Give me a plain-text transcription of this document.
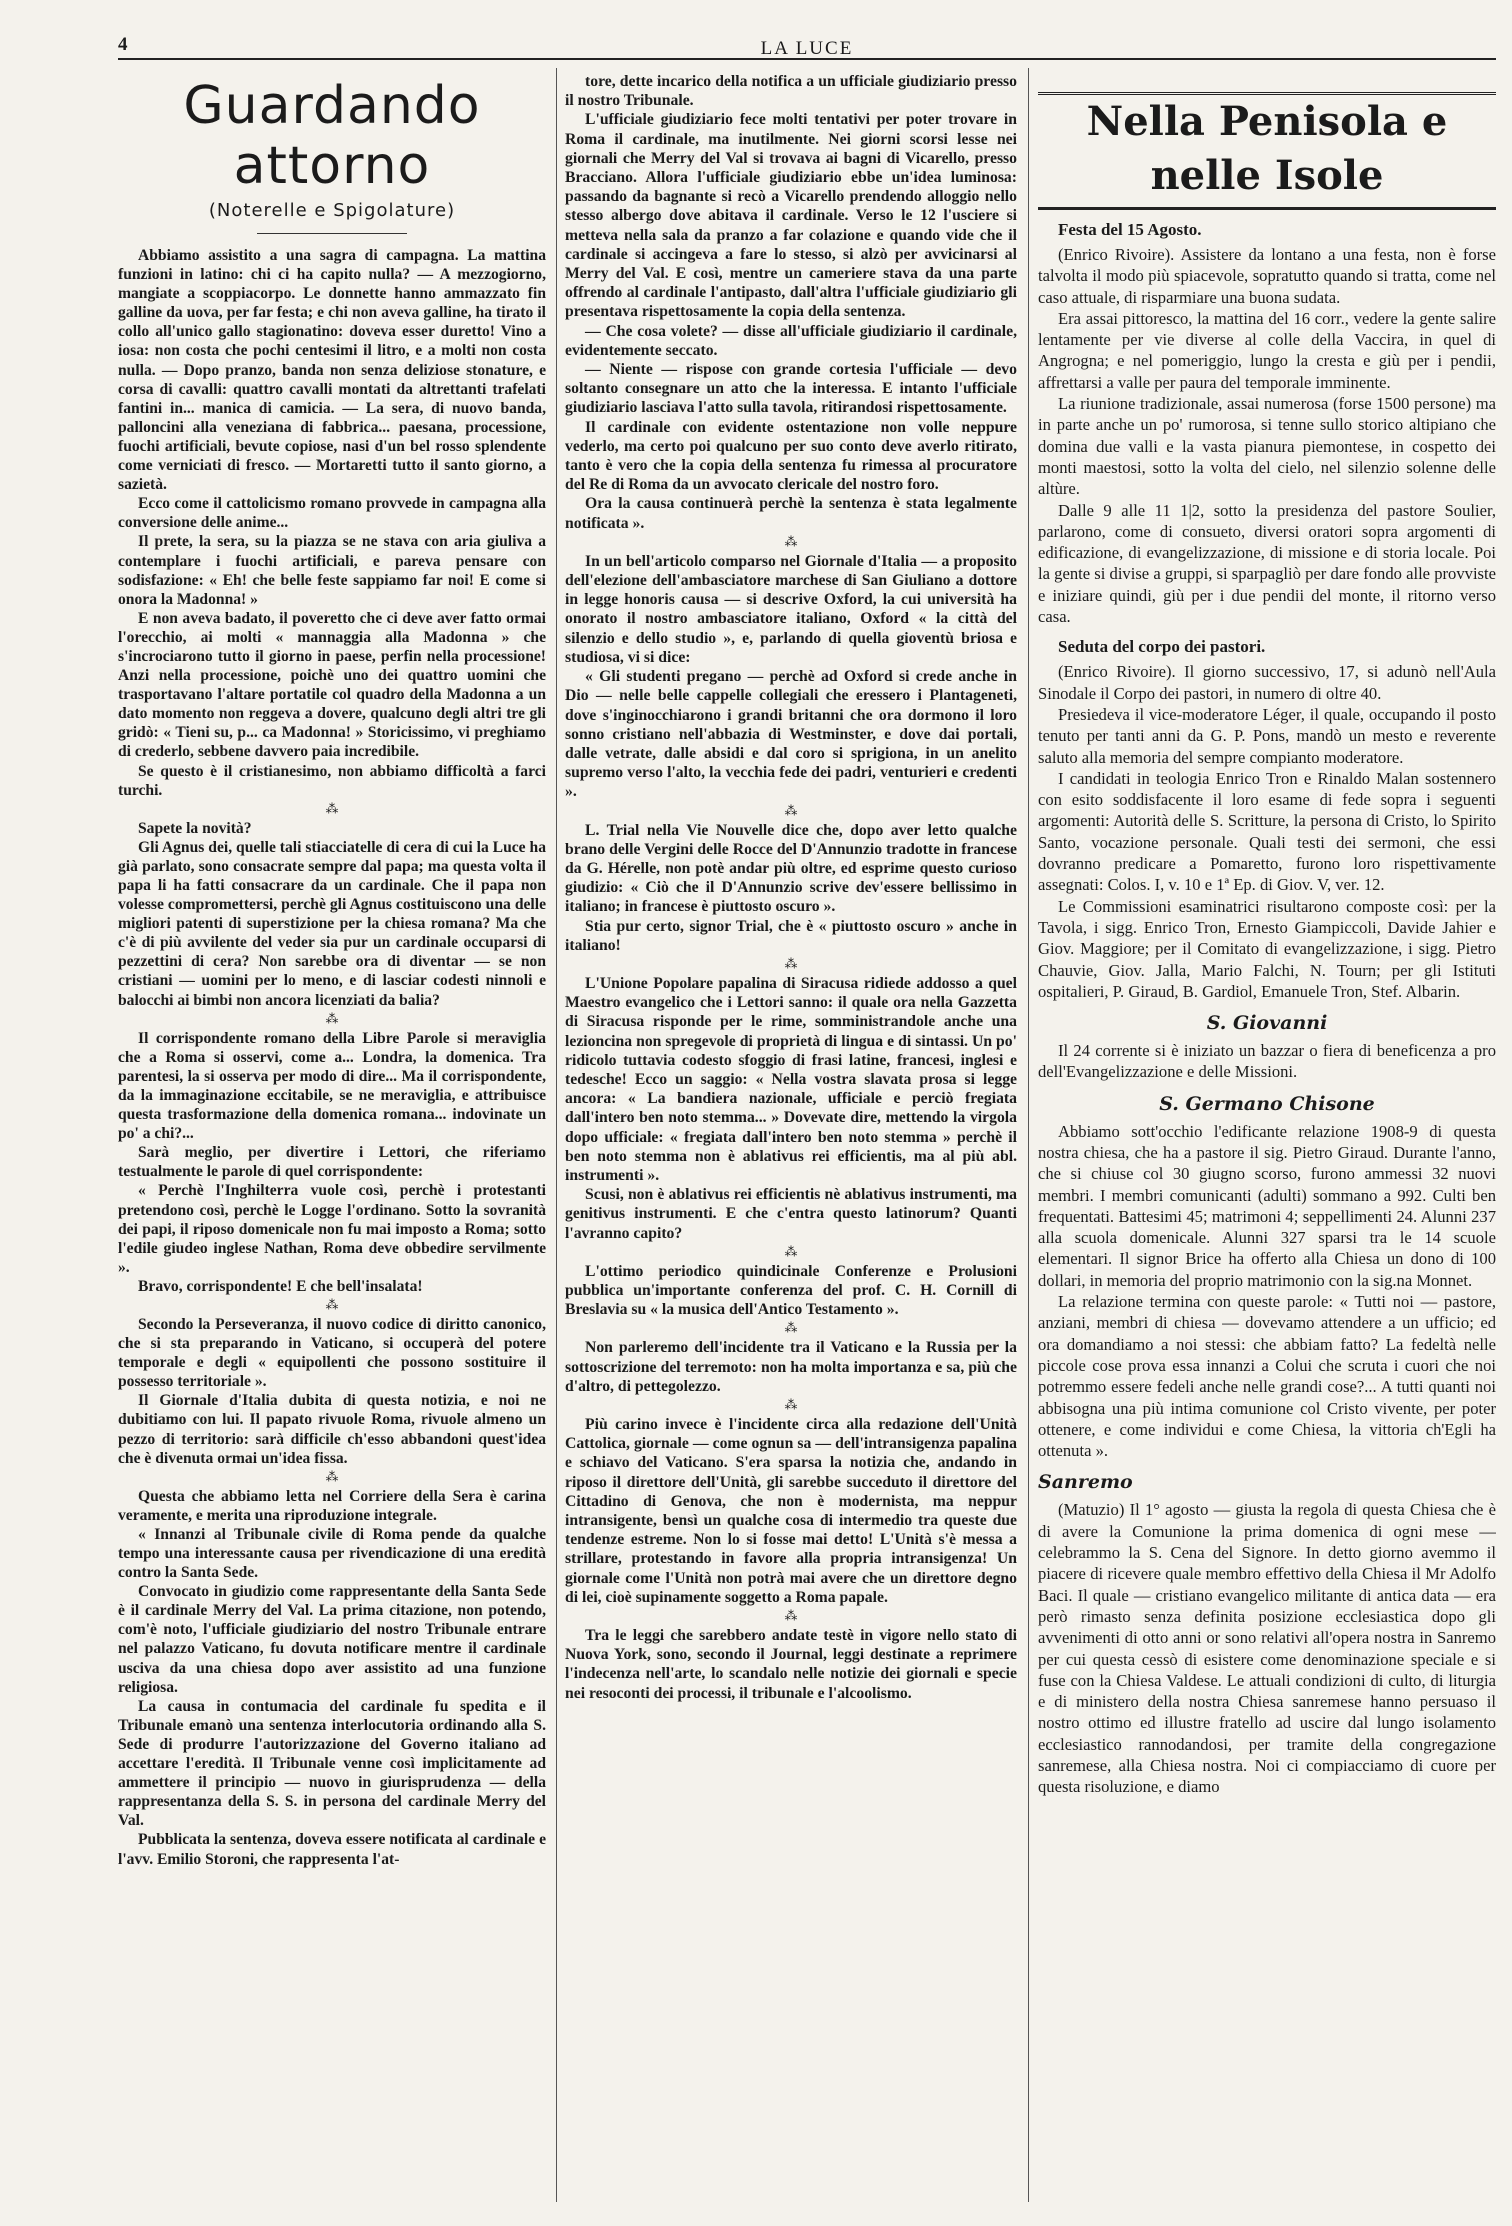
4	LA LUCE
Guardando attorno
(Noterelle e Spigolature)

Abbiamo assistito a una sagra di campagna. La mattina funzioni in latino: chi ci ha capito nulla? — A mezzogiorno, mangiate a scoppiacorpo. Le donnette hanno ammazzato fin galline da uova, per far festa; e chi non aveva galline, ha tirato il collo all'unico gallo stagionatino: doveva esser duretto! Vino a iosa: non costa che pochi centesimi il litro, e a molti non costa nulla. — Dopo pranzo, banda non senza deliziose stonature, e corsa di cavalli: quattro cavalli montati da altrettanti trafelati fantini in... manica di camicia. — La sera, di nuovo banda, palloncini alla veneziana di fabbrica... paesana, processione, fuochi artificiali, bevute copiose, nasi d'un bel rosso splendente come verniciati di fresco. — Mortaretti tutto il santo giorno, a sazietà.

Ecco come il cattolicismo romano provvede in campagna alla conversione delle anime...

Il prete, la sera, su la piazza se ne stava con aria giuliva a contemplare i fuochi artificiali, e pareva pensare con sodisfazione: « Eh! che belle feste sappiamo far noi! E come si onora la Madonna! »

E non aveva badato, il poveretto che ci deve aver fatto ormai l'orecchio, ai molti « mannaggia alla Madonna » che s'incrociarono tutto il giorno in paese, perfin nella processione! Anzi nella processione, poichè uno dei quattro uomini che trasportavano l'altare portatile col quadro della Madonna a un dato momento non reggeva a dovere, qualcuno degli altri tre gli gridò: « Tieni su, p... ca Madonna! » Storicissimo, vi preghiamo di crederlo, sebbene davvero paia incredibile.

Se questo è il cristianesimo, non abbiamo difficoltà a farci turchi.

⁂

Sapete la novità?

Gli Agnus dei, quelle tali stiacciatelle di cera di cui la Luce ha già parlato, sono consacrate sempre dal papa; ma questa volta il papa li ha fatti consacrare da un cardinale. Che il papa non volesse compromettersi, perchè gli Agnus costituiscono una delle migliori patenti di superstizione per la chiesa romana? Ma che c'è di più avvilente del veder sia pur un cardinale occuparsi di pezzettini di cera? Non sarebbe ora di diventar — se non cristiani — uomini per lo meno, e di lasciar codesti ninnoli e balocchi ai bimbi non ancora licenziati da balia?

⁂

Il corrispondente romano della Libre Parole si meraviglia che a Roma si osservi, come a... Londra, la domenica. Tra parentesi, la si osserva per modo di dire... Ma il corrispondente, da la immaginazione eccitabile, se ne meraviglia, e attribuisce questa trasformazione della domenica romana... indovinate un po' a chi?...

Sarà meglio, per divertire i Lettori, che riferiamo testualmente le parole di quel corrispondente:

« Perchè l'Inghilterra vuole così, perchè i protestanti pretendono così, perchè le Logge l'ordinano. Sotto la sovranità dei papi, il riposo domenicale non fu mai imposto a Roma; sotto l'edile giudeo inglese Nathan, Roma deve obbedire servilmente ».

Bravo, corrispondente! E che bell'insalata!

⁂

Secondo la Perseveranza, il nuovo codice di diritto canonico, che si sta preparando in Vaticano, si occuperà del potere temporale e degli « equipollenti che possono sostituire il possesso territoriale ».

Il Giornale d'Italia dubita di questa notizia, e noi ne dubitiamo con lui. Il papato rivuole Roma, rivuole almeno un pezzo di territorio: sarà difficile ch'esso abbandoni quest'idea che è divenuta ormai un'idea fissa.

⁂

Questa che abbiamo letta nel Corriere della Sera è carina veramente, e merita una riproduzione integrale.

« Innanzi al Tribunale civile di Roma pende da qualche tempo una interessante causa per rivendicazione di una eredità contro la Santa Sede.

Convocato in giudizio come rappresentante della Santa Sede è il cardinale Merry del Val. La prima citazione, non potendo, com'è noto, l'ufficiale giudiziario del nostro Tribunale entrare nel palazzo Vaticano, fu dovuta notificare mentre il cardinale usciva da una chiesa dopo aver assistito ad una funzione religiosa.

La causa in contumacia del cardinale fu spedita e il Tribunale emanò una sentenza interlocutoria ordinando alla S. Sede di produrre l'autorizzazione del Governo italiano ad accettare l'eredità. Il Tribunale venne così implicitamente ad ammettere il principio — nuovo in giurisprudenza — della rappresentanza della S. S. in persona del cardinale Merry del Val.

Pubblicata la sentenza, doveva essere notificata al cardinale e l'avv. Emilio Storoni, che rappresenta l'at-

tore, dette incarico della notifica a un ufficiale giudiziario presso il nostro Tribunale.

L'ufficiale giudiziario fece molti tentativi per poter trovare in Roma il cardinale, ma inutilmente. Nei giorni scorsi lesse nei giornali che Merry del Val si trovava ai bagni di Vicarello, presso Bracciano. Allora l'ufficiale giudiziario ebbe un'idea luminosa: passando da bagnante si recò a Vicarello prendendo alloggio nello stesso albergo dove abitava il cardinale. Verso le 12 l'usciere si metteva nella sala da pranzo a far colazione e quando vide che il cardinale si accingeva a fare lo stesso, si alzò per avvicinarsi al Merry del Val. E così, mentre un cameriere stava da una parte offrendo al cardinale l'antipasto, dall'altra l'ufficiale giudiziario gli presentava rispettosamente la copia della sentenza.

— Che cosa volete? — disse all'ufficiale giudiziario il cardinale, evidentemente seccato.

— Niente — rispose con grande cortesia l'ufficiale — devo soltanto consegnare un atto che la interessa. E intanto l'ufficiale giudiziario lasciava l'atto sulla tavola, ritirandosi rispettosamente.

Il cardinale con evidente ostentazione non volle neppure vederlo, ma certo poi qualcuno per suo conto deve averlo ritirato, tanto è vero che la copia della sentenza fu rimessa al procuratore del Re di Roma da un avvocato clericale del nostro foro.

Ora la causa continuerà perchè la sentenza è stata legalmente notificata ».

⁂

In un bell'articolo comparso nel Giornale d'Italia — a proposito dell'elezione dell'ambasciatore marchese di San Giuliano a dottore in legge honoris causa — si descrive Oxford, la cui università ha onorato il nostro ambasciatore italiano, Oxford « la città del silenzio e dello studio », e, parlando di quella gioventù briosa e studiosa, vi si dice:

« Gli studenti pregano — perchè ad Oxford si crede anche in Dio — nelle belle cappelle collegiali che eressero i Plantageneti, dove s'inginocchiarono i grandi britanni che ora dormono il loro sonno cristiano nell'abbazia di Westminster, e dove dai portali, dalle vetrate, dalle absidi e dal coro si sprigiona, in un anelito supremo verso l'alto, la vecchia fede dei padri, venturieri e credenti ».

⁂

L. Trial nella Vie Nouvelle dice che, dopo aver letto qualche brano delle Vergini delle Rocce del D'Annunzio tradotte in francese da G. Hérelle, non potè andar più oltre, ed esprime questo curioso giudizio: « Ciò che il D'Annunzio scrive dev'essere bellissimo in italiano; in francese è piuttosto oscuro ».

Stia pur certo, signor Trial, che è « piuttosto oscuro » anche in italiano!

⁂

L'Unione Popolare papalina di Siracusa ridiede addosso a quel Maestro evangelico che i Lettori sanno: il quale ora nella Gazzetta di Siracusa risponde per le rime, somministrandole anche una lezioncina non spregevole di proprietà di lingua e di sintassi. Un po' ridicolo tuttavia codesto sfoggio di frasi latine, francesi, inglesi e tedesche! Ecco un saggio: « Nella vostra slavata prosa si legge ancora: « La bandiera nazionale, ufficiale e perciò fregiata dall'intero ben noto stemma... » Dovevate dire, mettendo la virgola dopo ufficiale: « fregiata dall'intero ben noto stemma » perchè il ben noto stemma non è ablativus rei efficientis, ma al più abl. instrumenti ».

Scusi, non è ablativus rei efficientis nè ablativus instrumenti, ma genitivus instrumenti. E che c'entra questo latinorum? Quanti l'avranno capito?

⁂

L'ottimo periodico quindicinale Conferenze e Prolusioni pubblica un'importante conferenza del prof. C. H. Cornill di Breslavia su « la musica dell'Antico Testamento ».

⁂

Non parleremo dell'incidente tra il Vaticano e la Russia per la sottoscrizione del terremoto: non ha molta importanza e sa, più che d'altro, di pettegolezzo.

⁂

Più carino invece è l'incidente circa alla redazione dell'Unità Cattolica, giornale — come ognun sa — dell'intransigenza papalina e schiavo del Vaticano. S'era sparsa la notizia che, andando in riposo il direttore dell'Unità, gli sarebbe succeduto il direttore del Cittadino di Genova, che non è modernista, ma neppur intransigente, bensì un qualche cosa di intermedio tra queste due tendenze estreme. Non lo si fosse mai detto! L'Unità s'è messa a strillare, protestando in favore alla propria intransigenza! Un giornale come l'Unità non potrà mai avere che un direttore degno di lei, cioè supinamente soggetto a Roma papale.

⁂

Tra le leggi che sarebbero andate testè in vigore nello stato di Nuova York, sono, secondo il Journal, leggi destinate a reprimere l'indecenza nell'arte, lo scandalo nelle notizie dei giornali e specie nei resoconti dei processi, il tribunale e l'alcoolismo.

Nella Penisola e nelle Isole
Festa del 15 Agosto.

(Enrico Rivoire). Assistere da lontano a una festa, non è forse talvolta il modo più spiacevole, sopratutto quando si tratta, come nel caso attuale, di risparmiare una buona sudata.

Era assai pittoresco, la mattina del 16 corr., vedere la gente salire lentamente per vie diverse al colle della Vaccira, in quel di Angrogna; e nel pomeriggio, lungo la cresta e giù per i pendii, affrettarsi a valle per paura del temporale imminente.

La riunione tradizionale, assai numerosa (forse 1500 persone) ma in parte anche un po' rumorosa, si tenne sullo storico altipiano che domina due valli e la vasta pianura piemontese, in cospetto dei monti maestosi, sotto la volta del cielo, nel silenzio solenne delle altùre.

Dalle 9 alle 11 1|2, sotto la presidenza del pastore Soulier, parlarono, come di consueto, diversi oratori sopra argomenti di edificazione, di evangelizzazione, di missione e di storia locale. Poi la gente si divise a gruppi, si sparpagliò per dare fondo alle provviste e iniziare quindi, giù per i due pendii del monte, il ritorno verso casa.

Seduta del corpo dei pastori.

(Enrico Rivoire). Il giorno successivo, 17, si adunò nell'Aula Sinodale il Corpo dei pastori, in numero di oltre 40.

Presiedeva il vice-moderatore Léger, il quale, occupando il posto tenuto per tanti anni da G. P. Pons, mandò un mesto e reverente saluto alla memoria del sempre compianto moderatore.

I candidati in teologia Enrico Tron e Rinaldo Malan sostennero con esito soddisfacente il loro esame di fede sopra i seguenti argomenti: Autorità delle S. Scritture, la persona di Cristo, lo Spirito Santo, vocazione personale. Quali testi dei sermoni, che essi dovranno predicare a Pomaretto, furono loro rispettivamente assegnati: Colos. I, v. 10 e 1ª Ep. di Giov. V, ver. 12.

Le Commissioni esaminatrici risultarono composte così: per la Tavola, i sigg. Enrico Tron, Ernesto Giampiccoli, Davide Jahier e Giov. Maggiore; per il Comitato di evangelizzazione, i sigg. Pietro Chauvie, Giov. Jalla, Mario Falchi, N. Tourn; per gli Istituti ospitalieri, P. Giraud, B. Gardiol, Emanuele Tron, Stef. Albarin.

S. Giovanni

Il 24 corrente si è iniziato un bazzar o fiera di beneficenza a pro dell'Evangelizzazione e delle Missioni.

S. Germano Chisone

Abbiamo sott'occhio l'edificante relazione 1908-9 di questa nostra chiesa, che ha a pastore il sig. Pietro Giraud. Durante l'anno, che si chiuse col 30 giugno scorso, furono ammessi 32 nuovi membri. I membri comunicanti (adulti) sommano a 992. Culti ben frequentati. Battesimi 45; matrimoni 4; seppellimenti 24. Alunni 237 alla scuola domenicale. Alunni 327 sparsi tra le 14 scuole elementari. Il signor Brice ha offerto alla Chiesa un dono di 100 dollari, in memoria del proprio matrimonio con la sig.na Monnet.

La relazione termina con queste parole: « Tutti noi — pastore, anziani, membri di chiesa — dovevamo attendere a un ufficio; ed ora domandiamo a noi stessi: che abbiam fatto? La fedeltà nelle piccole cose prova essa innanzi a Colui che scruta i cuori che noi potremmo essere fedeli anche nelle grandi cose?... A tutti quanti noi abbisogna una più intima comunione col Cristo vivente, per poter ottenere, e come individui e come Chiesa, la vittoria ch'Egli ha ottenuta ».

Sanremo

(Matuzio) Il 1° agosto — giusta la regola di questa Chiesa che è di avere la Comunione la prima domenica di ogni mese — celebrammo la S. Cena del Signore. In detto giorno avemmo il piacere di ricevere quale membro effettivo della Chiesa il Mr Adolfo Baci. Il quale — cristiano evangelico militante di antica data — era però rimasto senza definita posizione ecclesiastica dopo gli avvenimenti di otto anni or sono relativi all'opera nostra in Sanremo per cui questa cessò di esistere come denominazione speciale e si fuse con la Chiesa Valdese. Le attuali condizioni di culto, di liturgia e di ministero della nostra Chiesa sanremese hanno persuaso il nostro ottimo ed illustre fratello ad uscire dal lungo isolamento ecclesiastico rannodandosi, per tramite della congregazione sanremese, alla Chiesa nostra. Noi ci compiacciamo di cuore per questa risoluzione, e diamo
